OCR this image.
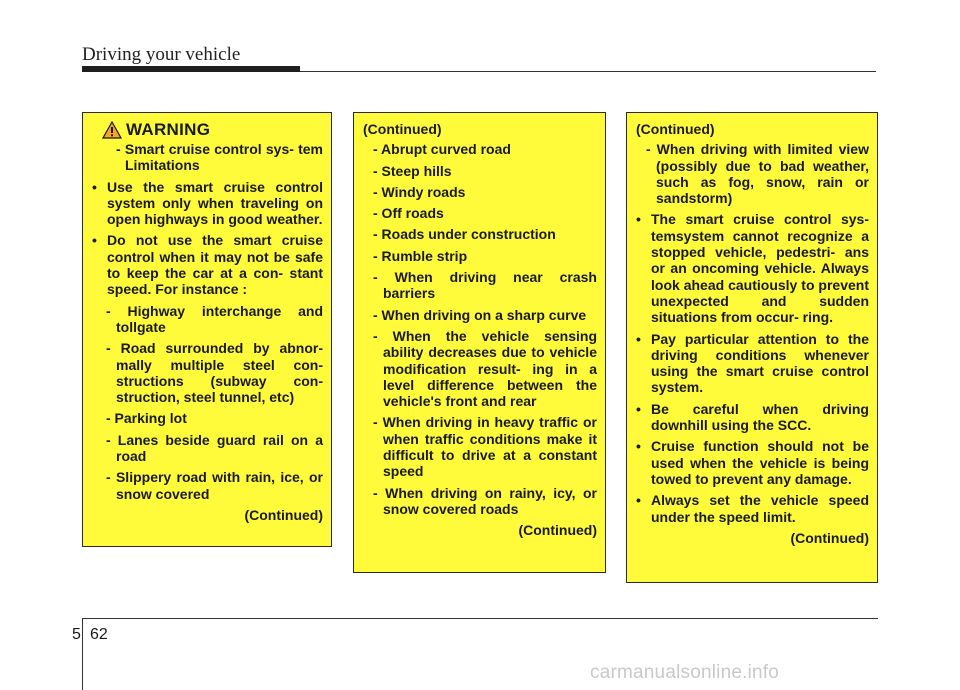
Driving your vehicle
WARNING
- Smart cruise control sys- tem Limitations
• Use the smart cruise control system only when traveling on open highways in good weather.
• Do not use the smart cruise control when it may not be safe to keep the car at a con- stant speed. For instance :
- Highway interchange and tollgate
- Road surrounded by abnor- mally multiple steel con- structions (subway con- struction, steel tunnel, etc)
- Parking lot
- Lanes beside guard rail on a road
- Slippery road with rain, ice, or snow covered
(Continued)
(Continued)
- Abrupt curved road
- Steep hills
- Windy roads
- Off roads
- Roads under construction
- Rumble strip
- When driving near crash barriers
- When driving on a sharp curve
- When the vehicle sensing ability decreases due to vehicle modification result- ing in a level difference between the vehicle's front and rear
- When driving in heavy traffic or when traffic conditions make it difficult to drive at a constant speed
- When driving on rainy, icy, or snow covered roads
(Continued)
(Continued)
- When driving with limited view (possibly due to bad weather, such as fog, snow, rain or sandstorm)
• The smart cruise control sys- temsystem cannot recognize a stopped vehicle, pedestri- ans or an oncoming vehicle. Always look ahead cautiously to prevent unexpected and sudden situations from occur- ring.
• Pay particular attention to the driving conditions whenever using the smart cruise control system.
• Be careful when driving downhill using the SCC.
• Cruise function should not be used when the vehicle is being towed to prevent any damage.
• Always set the vehicle speed under the speed limit.
(Continued)
5 62
carmanualsonline.info
